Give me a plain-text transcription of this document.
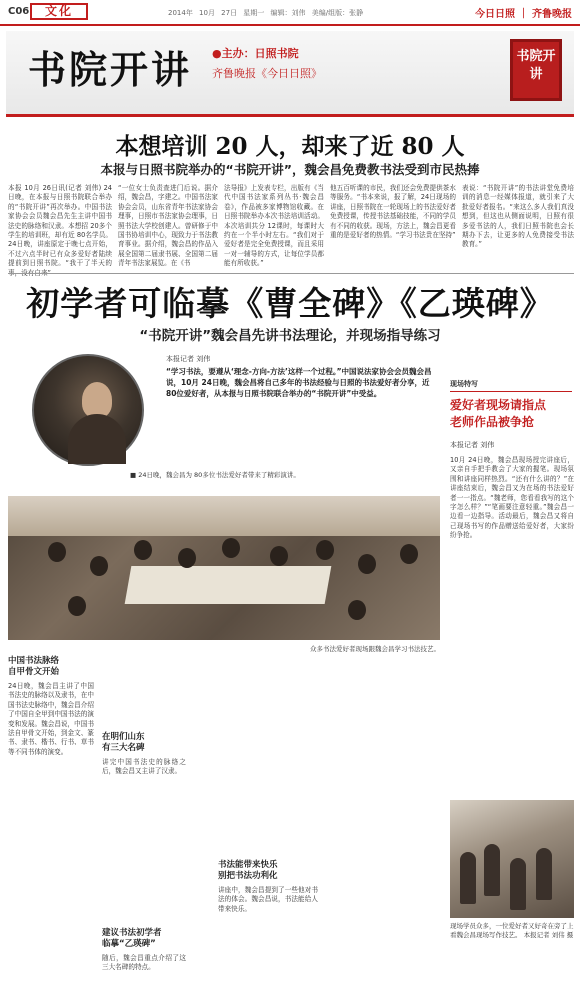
C06	文化	2014年 10月 27日 星期一 编辑：刘伟 美编/组版：张静	今日日照 ｜ 齐鲁晚报
书院开讲 ●主办：日照书院
齐鲁晚报《今日日照》
书院开讲
本想培训 20 人，却来了近 80 人
本报与日照书院举办的“书院开讲”，魏会昌免费教书法受到市民热捧
本报 10月 26日讯(记者 刘伟) 24日晚，在本报与日照书院联合举办的“书院开讲”再次举办。中国书法家协会会员魏会昌先生主讲中国书法史的脉络和汉隶。本想招 20多个学生的培训班，却有近 80名学员。24日晚，讲座原定于晚七点开始，不过六点半时已有众多爱好者陆续提前到日照书院。“我干了半天的
“一位女士负责查进门后说。据介绍，魏会昌，字建之。中国书法家协会会员，山东省青年书法家协会理事，日照市书法家协会理事，日照书法大学校创建人。曾研修于中国书协培训中心，现致力于书法教育事业。据介绍，魏会昌的作品入展全国第二届隶书展、全国第二届青年书法家展览。在《书
法导报》上发表专栏，出版有《当代中国书法家系列丛书·魏会昌卷》，作品被多家博物馆收藏。在日照书院举办本次书法培训活动。本次培训共分 12课时，每课时大约在一个半小时左右。“我们对于爱好者是完全免费授课，而且采用一对一辅导的方式，让每位学员都能有所收获。”
他五百听课的市民，我们还会免费提供茶水等服务。“书本来说，报了解，24日现场的讲座，日照书院在一轮现场上的书法爱好者免费授课，传授书法基础技能，不同的学员有不同的收获。现场，方法上，魏会昌更看重的是爱好者的热情。“学习书法贵在坚持”
表说：“书院开讲”的书法讲堂免费培训的消息一经媒体报道，就引来了大批爱好者报名。“来这么多人我们真没想到，但这也从侧面说明，日照有很多爱书法的人，我们日照书院也会长期办下去，让更多的人免费接受书法教育。”
初学者可临摹《曹全碑》《乙瑛碑》
“书院开讲”魏会昌先讲书法理论，并现场指导练习
本报记者 刘伟
“学习书法，要遵从‘理念-方向-方法’这样一个过程。”中国说法家协会会员魏会昌说，10月 24日晚，魏会昌将自己多年的书法经验与日照的书法爱好者分享，近 80位爱好者，从本报与日照书院联合举办的“书院开讲”中受益。
■ 24日晚，魏会昌为 80多位书法爱好者带来了精彩演讲。
众多书法爱好者现场跟魏会昌学习书法技艺。
中国书法脉络
自甲骨文开始
24日晚，魏会昌主讲了中国书法史的脉络以及隶书，在中国书法史脉络中，魏会昌介绍了中国自全甲到中国书法的演变和发展。魏会昌说，中国书法自甲骨文开始，到金文、篆书、隶书、楷书、行书、草书等不同书体的演变。
在明们山东
有三大名碑
讲完中国书法史的脉络之后，魏会昌又主讲了汉隶。
建议书法初学者
临摹“乙瑛碑”
随后，魏会昌重点介绍了这三大名碑的特点。
书法能带来快乐
别把书法功利化
讲座中，魏会昌提到了一些他对书法的体会。魏会昌说，书法能给人带来快乐。
现场特写
爱好者现场请指点
老师作品被争抢
本报记者 刘伟
10月 24日晚，魏会昌现场授完讲座后，又亲自手把手教会了大家的握笔。现场氛围和讲座同样热烈。“还有什么讲的？”在讲座结束后，魏会昌又为在场的书法爱好者一一指点。“魏老师，您看看我写的这个字怎么样？”“笔画要注意轻重。”魏会昌一边看一边指导。活动最后，魏会昌又将自己现场书写的作品赠送给爱好者，大家纷纷争抢。
现场学员众多，一位爱好者又好奇在旁了上看魏会昌现场写作技艺。 本报记者 刘伟 摄
